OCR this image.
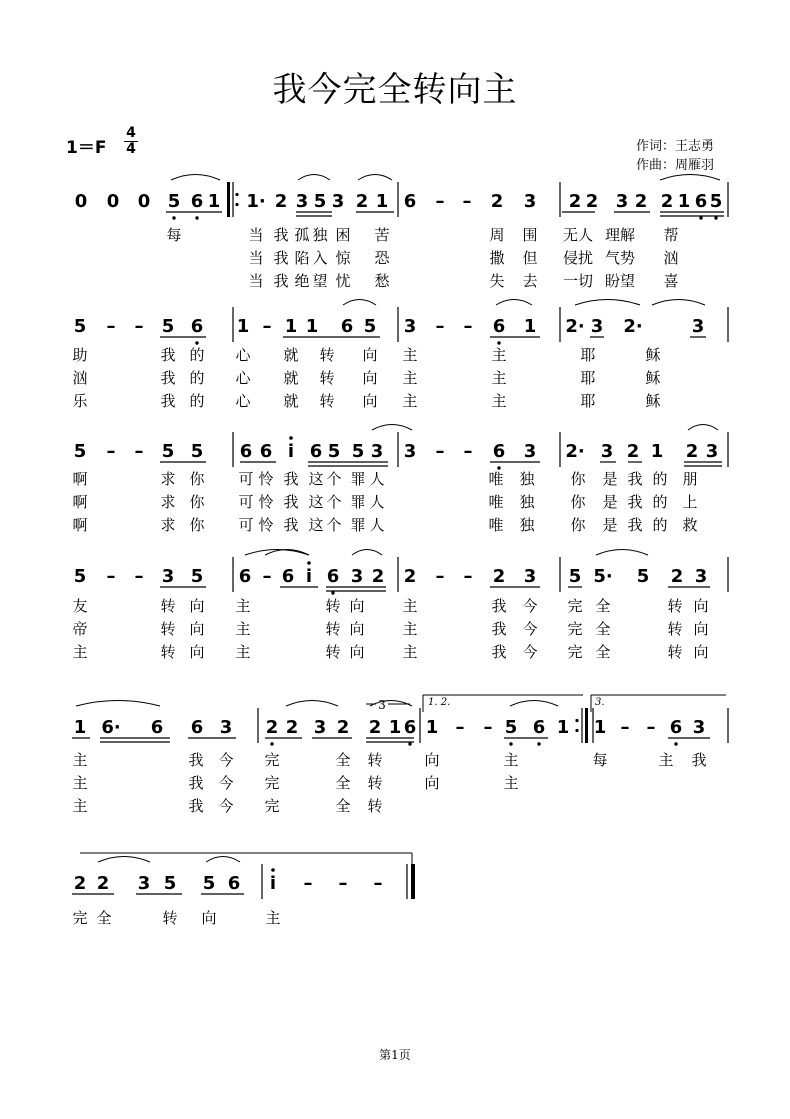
我今完全转向主
1＝F
4
4	作词：王志勇
作曲：周雁羽
0 0 0 5 6 1 1· 2 3 5 3 2 1 6 – – 2 3 2 2 3 2 2 1 6 5
每	当 我 孤 独 困 苦	周 围 无人 理解 帮
当 我 陷 入 惊 恐	撒 但 侵扰 气势 汹
当 我 绝 望 忧 愁	失 去 一切 盼望 喜
5 – – 5 6 1 – 1 1 6 5 3 – – 6 1 2· 3 2·	3
助	我 的 心 就 转 向 主	主	耶	稣
汹	我 的 心 就 转 向 主	主	耶	稣
乐	我 的 心 就 转 向 主	主	耶	稣
5 – – 5 5 6 6 i 6 5 5 3 3 – – 6 3 2· 3 2 1 2 3
啊	求 你 可 怜 我 这 个 罪 人	唯 独 你 是 我 的 朋
啊	求 你 可 怜 我 这 个 罪 人	唯 独 你 是 我 的 上
啊	求 你 可 怜 我 这 个 罪 人	唯 独 你 是 我 的 救
5 – – 3 5 6 – 6 i 6 3 2 2 – – 2 3 5 5· 5 2 3
友	转 向 主	转 向	主	我 今 完 全	转 向
帝	转 向 主	转 向	主	我 今 完 全	转 向
主	转 向 主	转 向	主	我 今 完 全	转 向
1 6· 6 6 3 2 2 3 2 2 1 6 1 – – 5 6 1 1 – – 6 3
主	我 今 完	全 转	向	主	每	主 我
主	我 今 完	全 转	向	主
主	我 今 完	全 转
2 2 3 5 5 6 i – – –
完 全	转 向	主
1. 2.	3.
3
第1页
